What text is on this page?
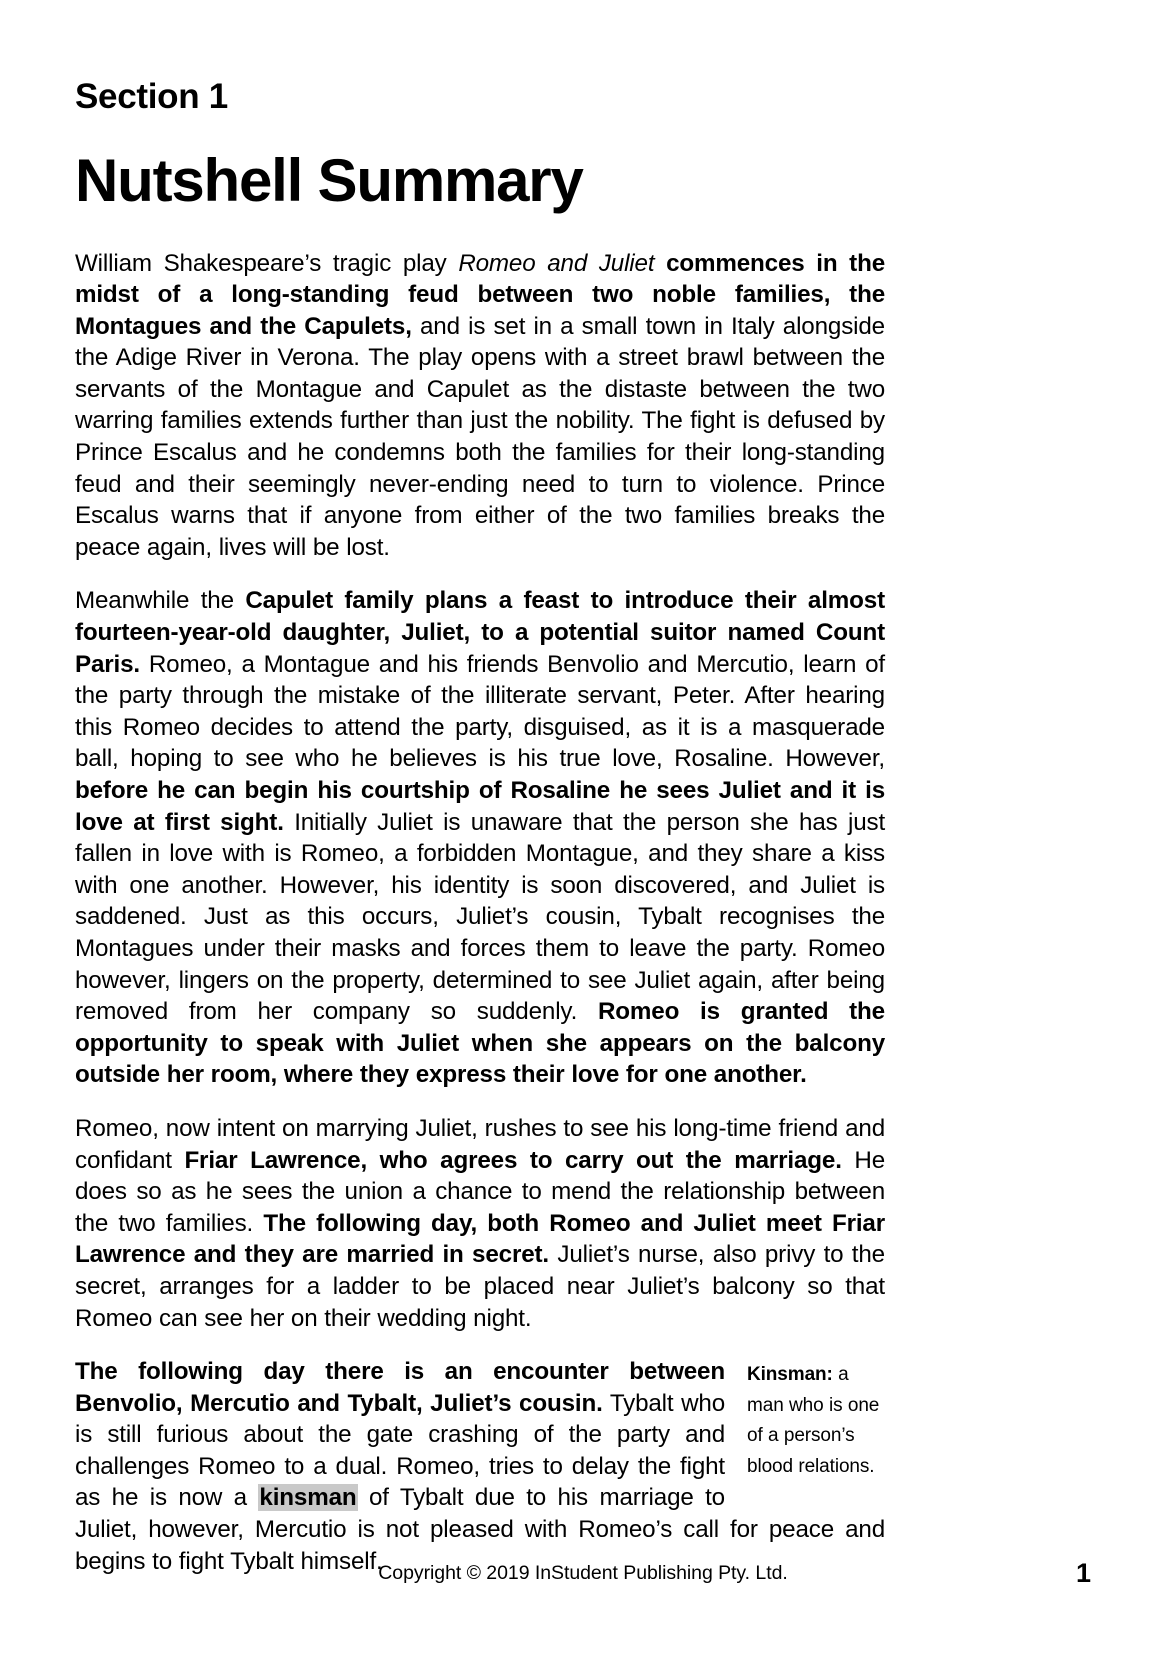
Section 1
Nutshell Summary

William Shakespeare’s tragic play Romeo and Juliet commences in the midst of a long-standing feud between two noble families, the Montagues and the Capulets, and is set in a small town in Italy alongside the Adige River in Verona. The play opens with a street brawl between the servants of the Montague and Capulet as the distaste between the two warring families extends further than just the nobility. The fight is defused by Prince Escalus and he condemns both the families for their long-standing feud and their seemingly never-ending need to turn to violence. Prince Escalus warns that if anyone from either of the two families breaks the peace again, lives will be lost.

Meanwhile the Capulet family plans a feast to introduce their almost fourteen-year-old daughter, Juliet, to a potential suitor named Count Paris. Romeo, a Montague and his friends Benvolio and Mercutio, learn of the party through the mistake of the illiterate servant, Peter. After hearing this Romeo decides to attend the party, disguised, as it is a masquerade ball, hoping to see who he believes is his true love, Rosaline. However, before he can begin his courtship of Rosaline he sees Juliet and it is love at first sight. Initially Juliet is unaware that the person she has just fallen in love with is Romeo, a forbidden Montague, and they share a kiss with one another. However, his identity is soon discovered, and Juliet is saddened. Just as this occurs, Juliet’s cousin, Tybalt recognises the Montagues under their masks and forces them to leave the party. Romeo however, lingers on the property, determined to see Juliet again, after being removed from her company so suddenly. Romeo is granted the opportunity to speak with Juliet when she appears on the balcony outside her room, where they express their love for one another.

Romeo, now intent on marrying Juliet, rushes to see his long-time friend and confidant Friar Lawrence, who agrees to carry out the marriage. He does so as he sees the union a chance to mend the relationship between the two families. The following day, both Romeo and Juliet meet Friar Lawrence and they are married in secret. Juliet’s nurse, also privy to the secret, arranges for a ladder to be placed near Juliet’s balcony so that Romeo can see her on their wedding night.

Kinsman: a man who is one of a person’s blood relations.
The following day there is an encounter between Benvolio, Mercutio and Tybalt, Juliet’s cousin. Tybalt who is still furious about the gate crashing of the party and challenges Romeo to a dual. Romeo, tries to delay the fight as he is now a kinsman of Tybalt due to his marriage to Juliet, however, Mercutio is not pleased with Romeo’s call for peace and begins to fight Tybalt himself.

Copyright © 2019 InStudent Publishing Pty. Ltd.	1
